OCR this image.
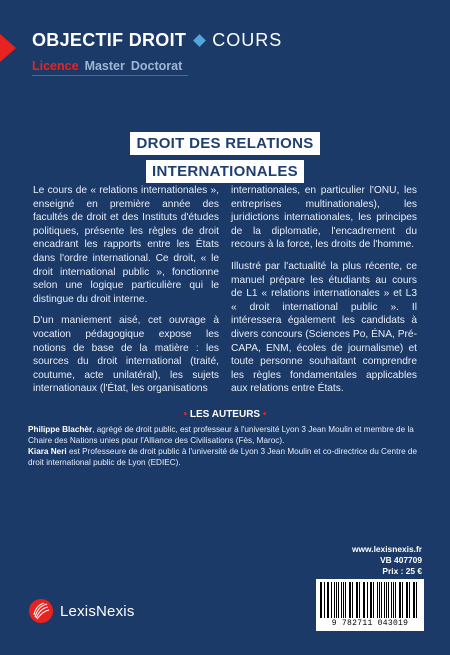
OBJECTIF DROIT COURS
Licence Master Doctorat
DROIT DES RELATIONS
INTERNATIONALES

Le cours de « relations internationales », enseigné en première année des facultés de droit et des Instituts d'études politiques, présente les règles de droit encadrant les rapports entre les États dans l'ordre international. Ce droit, « le droit international public », fonctionne selon une logique particulière qui le distingue du droit interne.

D'un maniement aisé, cet ouvrage à vocation pédagogique expose les notions de base de la matière : les sources du droit international (traité, coutume, acte unilatéral), les sujets internationaux (l'État, les organisations

internationales, en particulier l'ONU, les entreprises multinationales), les juridictions internationales, les principes de la diplomatie, l'encadrement du recours à la force, les droits de l'homme.

Illustré par l'actualité la plus récente, ce manuel prépare les étudiants au cours de L1 « relations internationales » et L3 « droit international public ». Il intéressera également les candidats à divers concours (Sciences Po, ÉNA, Pré-CAPA, ENM, écoles de journalisme) et toute personne souhaitant comprendre les règles fondamentales applicables aux relations entre États.

• LES AUTEURS •
Philippe Blachèr, agrégé de droit public, est professeur à l'université Lyon 3 Jean Moulin et membre de la Chaire des Nations unies pour l'Alliance des Civilisations (Fès, Maroc).
Kiara Neri est Professeure de droit public à l'université de Lyon 3 Jean Moulin et co-directrice du Centre de droit international public de Lyon (EDIEC).
www.lexisnexis.fr
VB 407709
Prix : 25 €
9 782711 043019
LexisNexis
